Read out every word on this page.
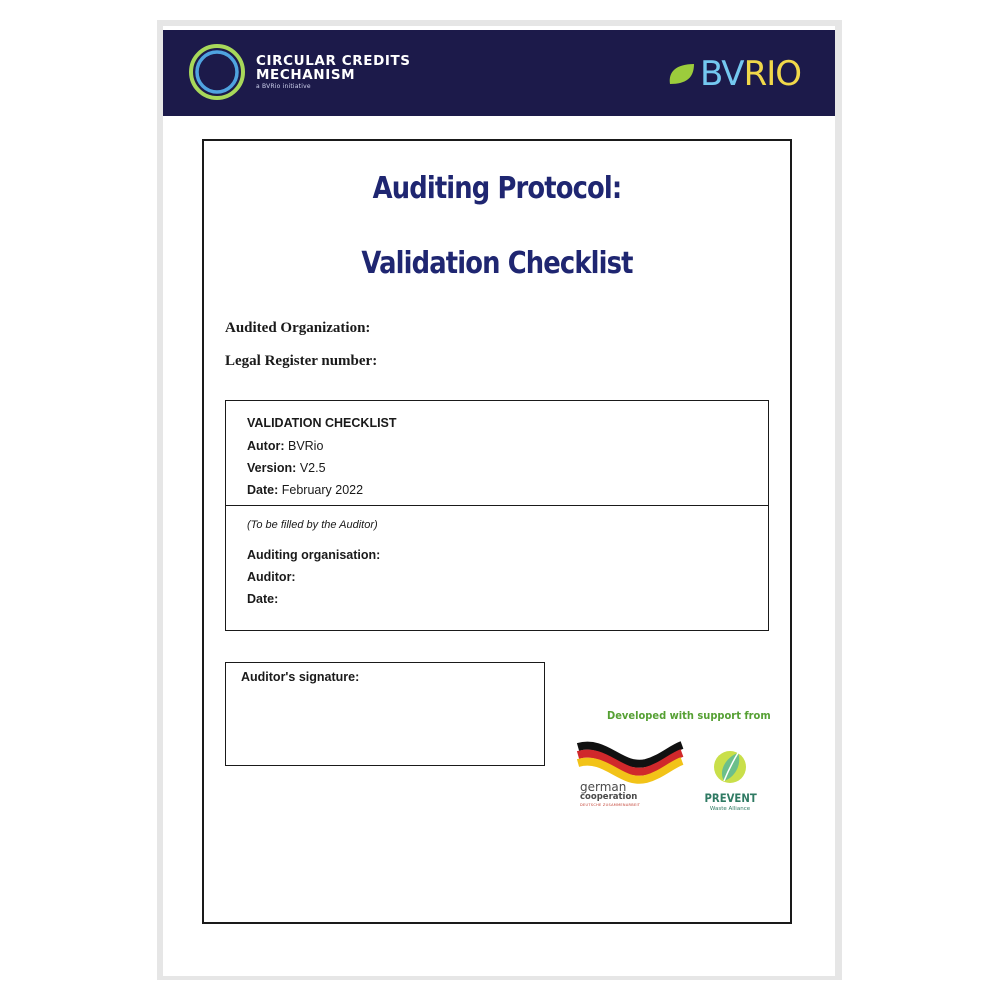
CIRCULAR CREDITS
MECHANISM
a BVRio initiative	BVRIO
Auditing Protocol:
Validation Checklist
Audited Organization:
Legal Register number:
VALIDATION CHECKLIST
Autor: BVRio
Version: V2.5
Date: February 2022
(To be filled by the Auditor)
Auditing organisation:
Auditor:
Date:
Auditor's signature:
Developed with support from
german
cooperation
DEUTSCHE ZUSAMMENARBEIT	PREVENT
Waste Alliance
